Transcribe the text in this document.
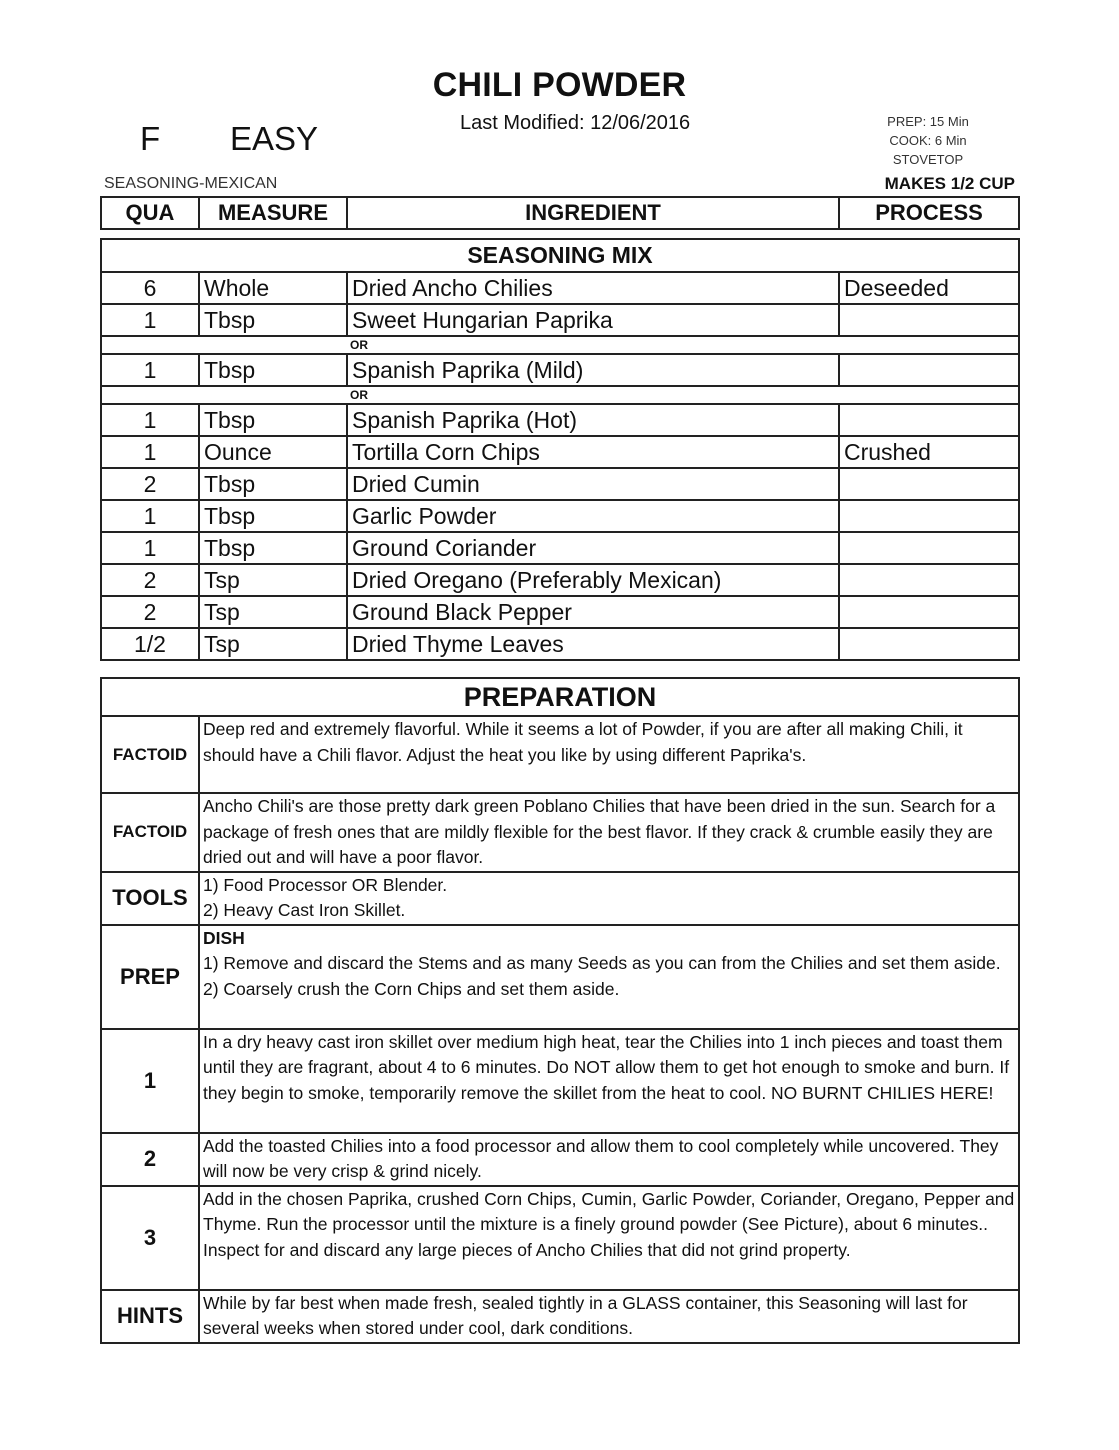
CHILI POWDER
Last Modified: 12/06/2016
F EASY	PREP: 15 Min
COOK: 6 Min
STOVETOP
SEASONING-MEXICAN	MAKES 1/2 CUP
QUA	MEASURE	INGREDIENT	PROCESS
SEASONING MIX			
6	Whole	Dried Ancho Chilies	Deseeded
1	Tbsp	Sweet Hungarian Paprika	
OR			
1	Tbsp	Spanish Paprika (Mild)	
OR			
1	Tbsp	Spanish Paprika (Hot)	
1	Ounce	Tortilla Corn Chips	Crushed
2	Tbsp	Dried Cumin	
1	Tbsp	Garlic Powder	
1	Tbsp	Ground Coriander	
2	Tsp	Dried Oregano (Preferably Mexican)	
2	Tsp	Ground Black Pepper	
1/2	Tsp	Dried Thyme Leaves	
PREPARATION	
FACTOID	Deep red and extremely flavorful. While it seems a lot of Powder, if you are after all making Chili, it should have a Chili flavor. Adjust the heat you like by using different Paprika's.
FACTOID	Ancho Chili's are those pretty dark green Poblano Chilies that have been dried in the sun. Search for a package of fresh ones that are mildly flexible for the best flavor. If they crack & crumble easily they are dried out and will have a poor flavor.
TOOLS	1) Food Processor OR Blender.
2) Heavy Cast Iron Skillet.

PREP	DISH
1) Remove and discard the Stems and as many Seeds as you can from the Chilies and set them aside.
2) Coarsely crush the Corn Chips and set them aside.

1	In a dry heavy cast iron skillet over medium high heat, tear the Chilies into 1 inch pieces and toast them until they are fragrant, about 4 to 6 minutes. Do NOT allow them to get hot enough to smoke and burn. If they begin to smoke, temporarily remove the skillet from the heat to cool. NO BURNT CHILIES HERE!
2	Add the toasted Chilies into a food processor and allow them to cool completely while uncovered. They will now be very crisp & grind nicely.
3	Add in the chosen Paprika, crushed Corn Chips, Cumin, Garlic Powder, Coriander, Oregano, Pepper and Thyme. Run the processor until the mixture is a finely ground powder (See Picture), about 6 minutes.. Inspect for and discard any large pieces of Ancho Chilies that did not grind property.
HINTS	While by far best when made fresh, sealed tightly in a GLASS container, this Seasoning will last for several weeks when stored under cool, dark conditions.
